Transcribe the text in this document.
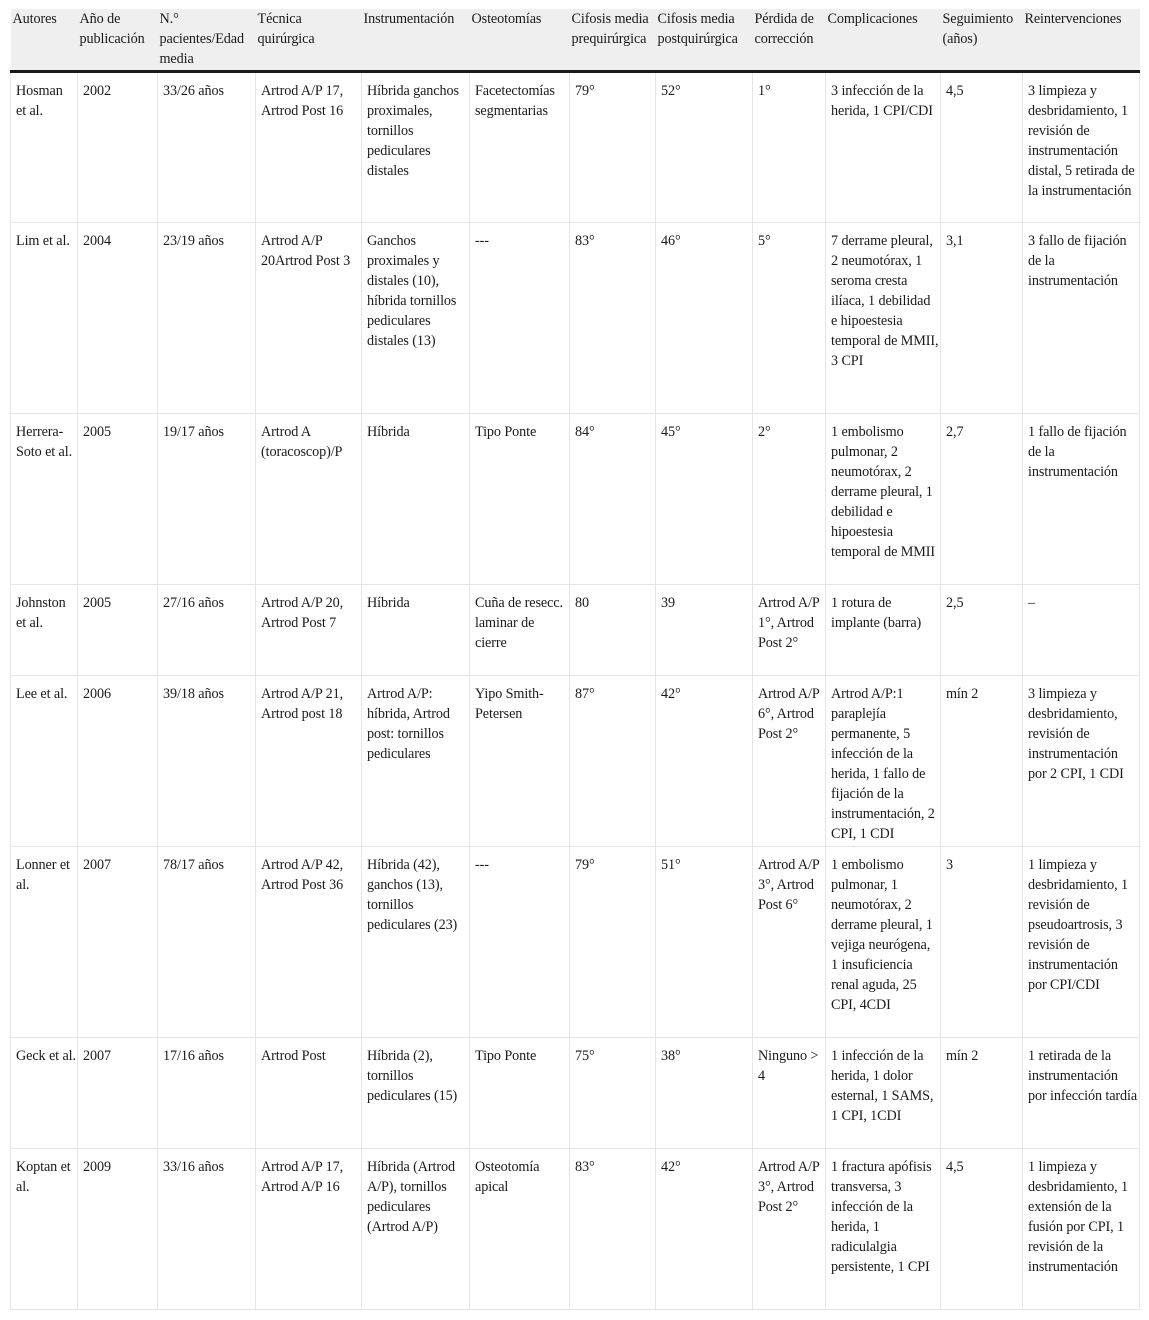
Autores	Año de publicación	N.° pacientes/Edad media	Técnica quirúrgica	Instrumentación	Osteotomías	Cifosis media prequirúrgica	Cifosis media postquirúrgica	Pérdida de corrección	Complicaciones	Seguimiento (años)	Reintervenciones
Hosman et al.	2002	33/26 años	Artrod A/P 17, Artrod Post 16	Híbrida ganchos proximales, tornillos pediculares distales	Facetectomías segmentarias	79°	52°	1°	3 infección de la herida, 1 CPI/CDI	4,5	3 limpieza y desbridamiento, 1 revisión de instrumentación distal, 5 retirada de la instrumentación
Lim et al.	2004	23/19 años	Artrod A/P 20Artrod Post 3	Ganchos proximales y distales (10), híbrida tornillos pediculares distales (13)	---	83°	46°	5°	7 derrame pleural, 2 neumotórax, 1 seroma cresta ilíaca, 1 debilidad e hipoestesia temporal de MMII, 3 CPI	3,1	3 fallo de fijación de la instrumentación
Herrera-Soto et al.	2005	19/17 años	Artrod A (toracoscop)/P	Híbrida	Tipo Ponte	84°	45°	2°	1 embolismo pulmonar, 2 neumotórax, 2 derrame pleural, 1 debilidad e hipoestesia temporal de MMII	2,7	1 fallo de fijación de la instrumentación
Johnston et al.	2005	27/16 años	Artrod A/P 20, Artrod Post 7	Híbrida	Cuña de resecc. laminar de cierre	80	39	Artrod A/P 1°, Artrod Post 2°	1 rotura de implante (barra)	2,5	–
Lee et al.	2006	39/18 años	Artrod A/P 21, Artrod post 18	Artrod A/P: híbrida, Artrod post: tornillos pediculares	Yipo Smith-Petersen	87°	42°	Artrod A/P 6°, Artrod Post 2°	Artrod A/P:1 paraplejía permanente, 5 infección de la herida, 1 fallo de fijación de la instrumentación, 2 CPI, 1 CDI	mín 2	3 limpieza y desbridamiento, revisión de instrumentación por 2 CPI, 1 CDI
Lonner et al.	2007	78/17 años	Artrod A/P 42, Artrod Post 36	Híbrida (42), ganchos (13), tornillos pediculares (23)	---	79°	51°	Artrod A/P 3°, Artrod Post 6°	1 embolismo pulmonar, 1 neumotórax, 2 derrame pleural, 1 vejiga neurógena, 1 insuficiencia renal aguda, 25 CPI, 4CDI	3	1 limpieza y desbridamiento, 1 revisión de pseudoartrosis, 3 revisión de instrumentación por CPI/CDI
Geck et al.	2007	17/16 años	Artrod Post	Híbrida (2), tornillos pediculares (15)	Tipo Ponte	75°	38°	Ninguno > 4	1 infección de la herida, 1 dolor esternal, 1 SAMS, 1 CPI, 1CDI	mín 2	1 retirada de la instrumentación por infección tardía
Koptan et al.	2009	33/16 años	Artrod A/P 17, Artrod A/P 16	Híbrida (Artrod A/P), tornillos pediculares (Artrod A/P)	Osteotomía apical	83°	42°	Artrod A/P 3°, Artrod Post 2°	1 fractura apófisis transversa, 3 infección de la herida, 1 radiculalgia persistente, 1 CPI	4,5	1 limpieza y desbridamiento, 1 extensión de la fusión por CPI, 1 revisión de la instrumentación
